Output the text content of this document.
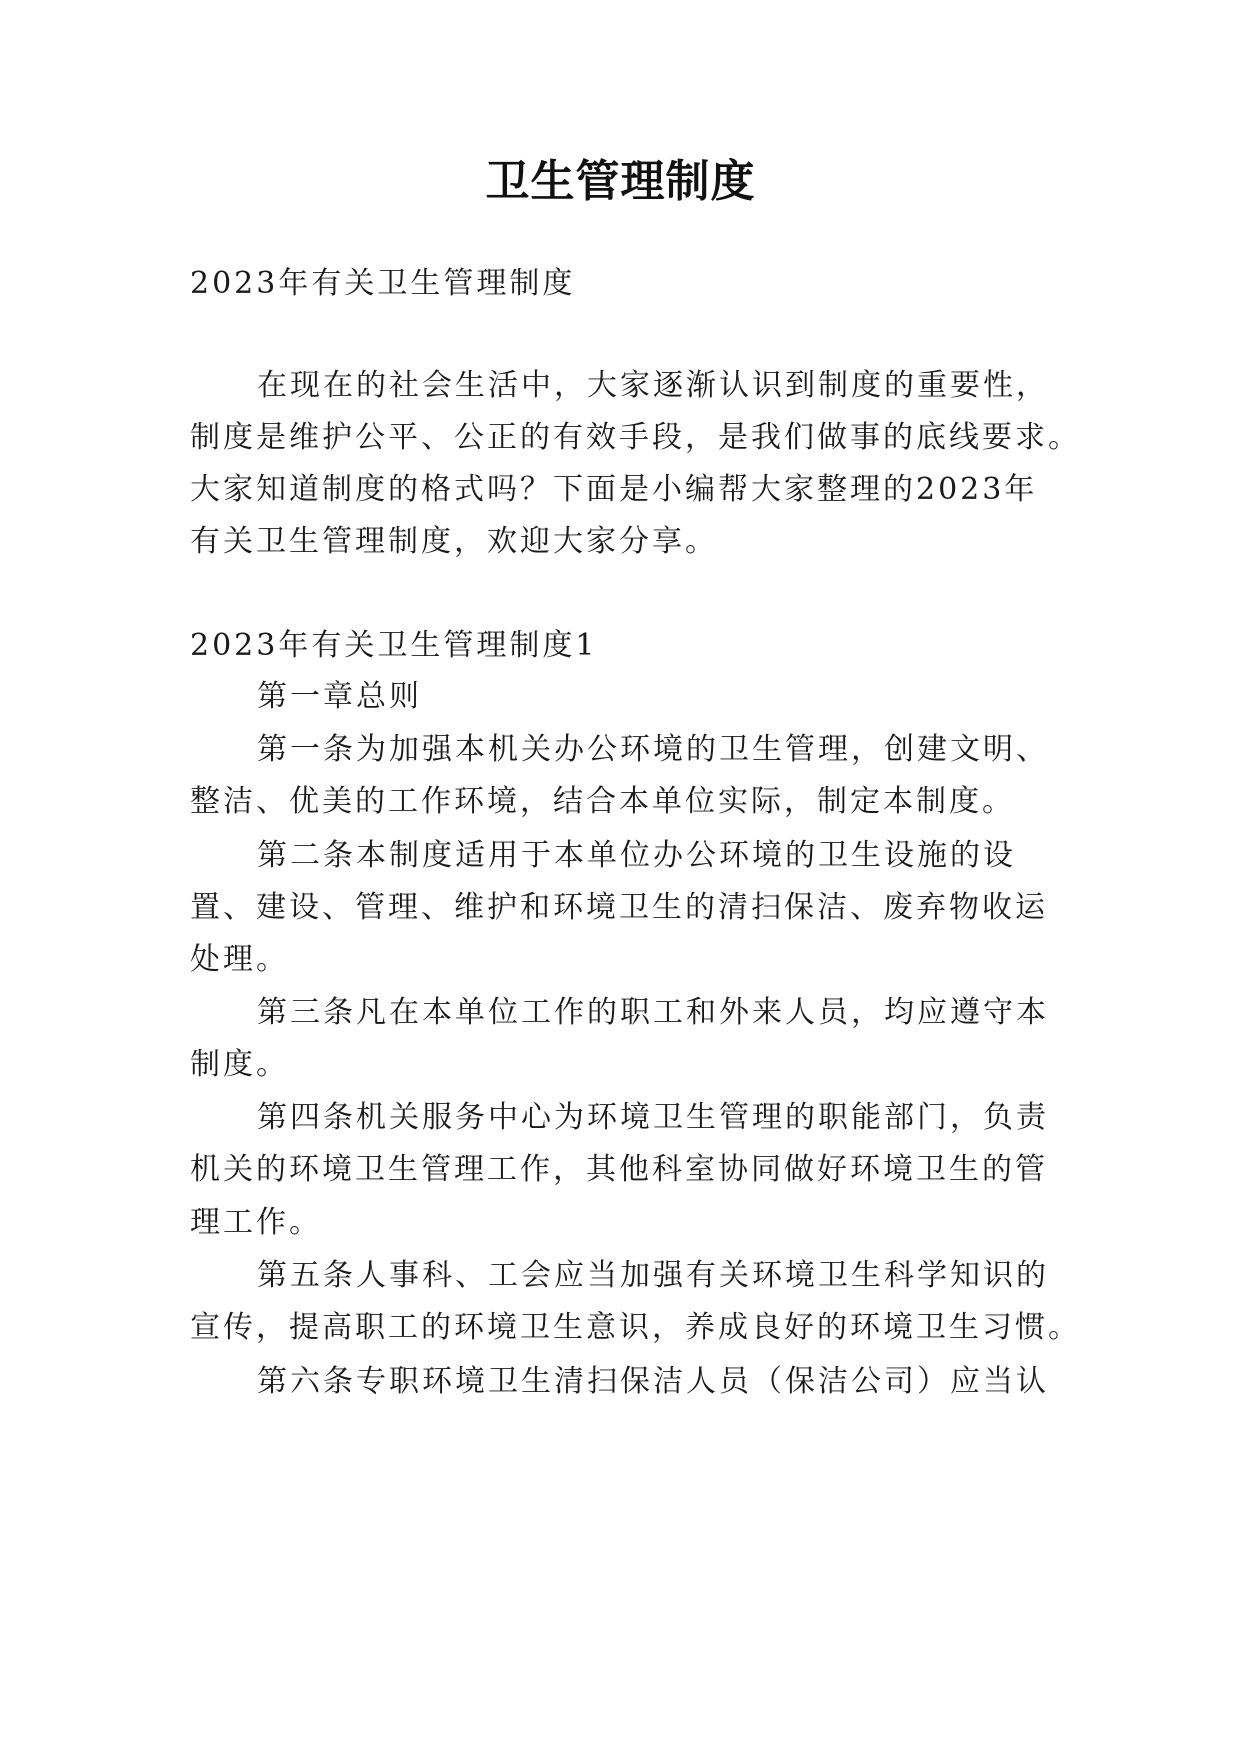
卫生管理制度
2023年有关卫生管理制度
在现在的社会生活中，大家逐渐认识到制度的重要性，
制度是维护公平、公正的有效手段，是我们做事的底线要求。
大家知道制度的格式吗？下面是小编帮大家整理的2023年
有关卫生管理制度，欢迎大家分享。
2023年有关卫生管理制度1
第一章总则
第一条为加强本机关办公环境的卫生管理，创建文明、
整洁、优美的工作环境，结合本单位实际，制定本制度。
第二条本制度适用于本单位办公环境的卫生设施的设
置、建设、管理、维护和环境卫生的清扫保洁、废弃物收运
处理。
第三条凡在本单位工作的职工和外来人员，均应遵守本
制度。
第四条机关服务中心为环境卫生管理的职能部门，负责
机关的环境卫生管理工作，其他科室协同做好环境卫生的管
理工作。
第五条人事科、工会应当加强有关环境卫生科学知识的
宣传，提高职工的环境卫生意识，养成良好的环境卫生习惯。
第六条专职环境卫生清扫保洁人员（保洁公司）应当认
